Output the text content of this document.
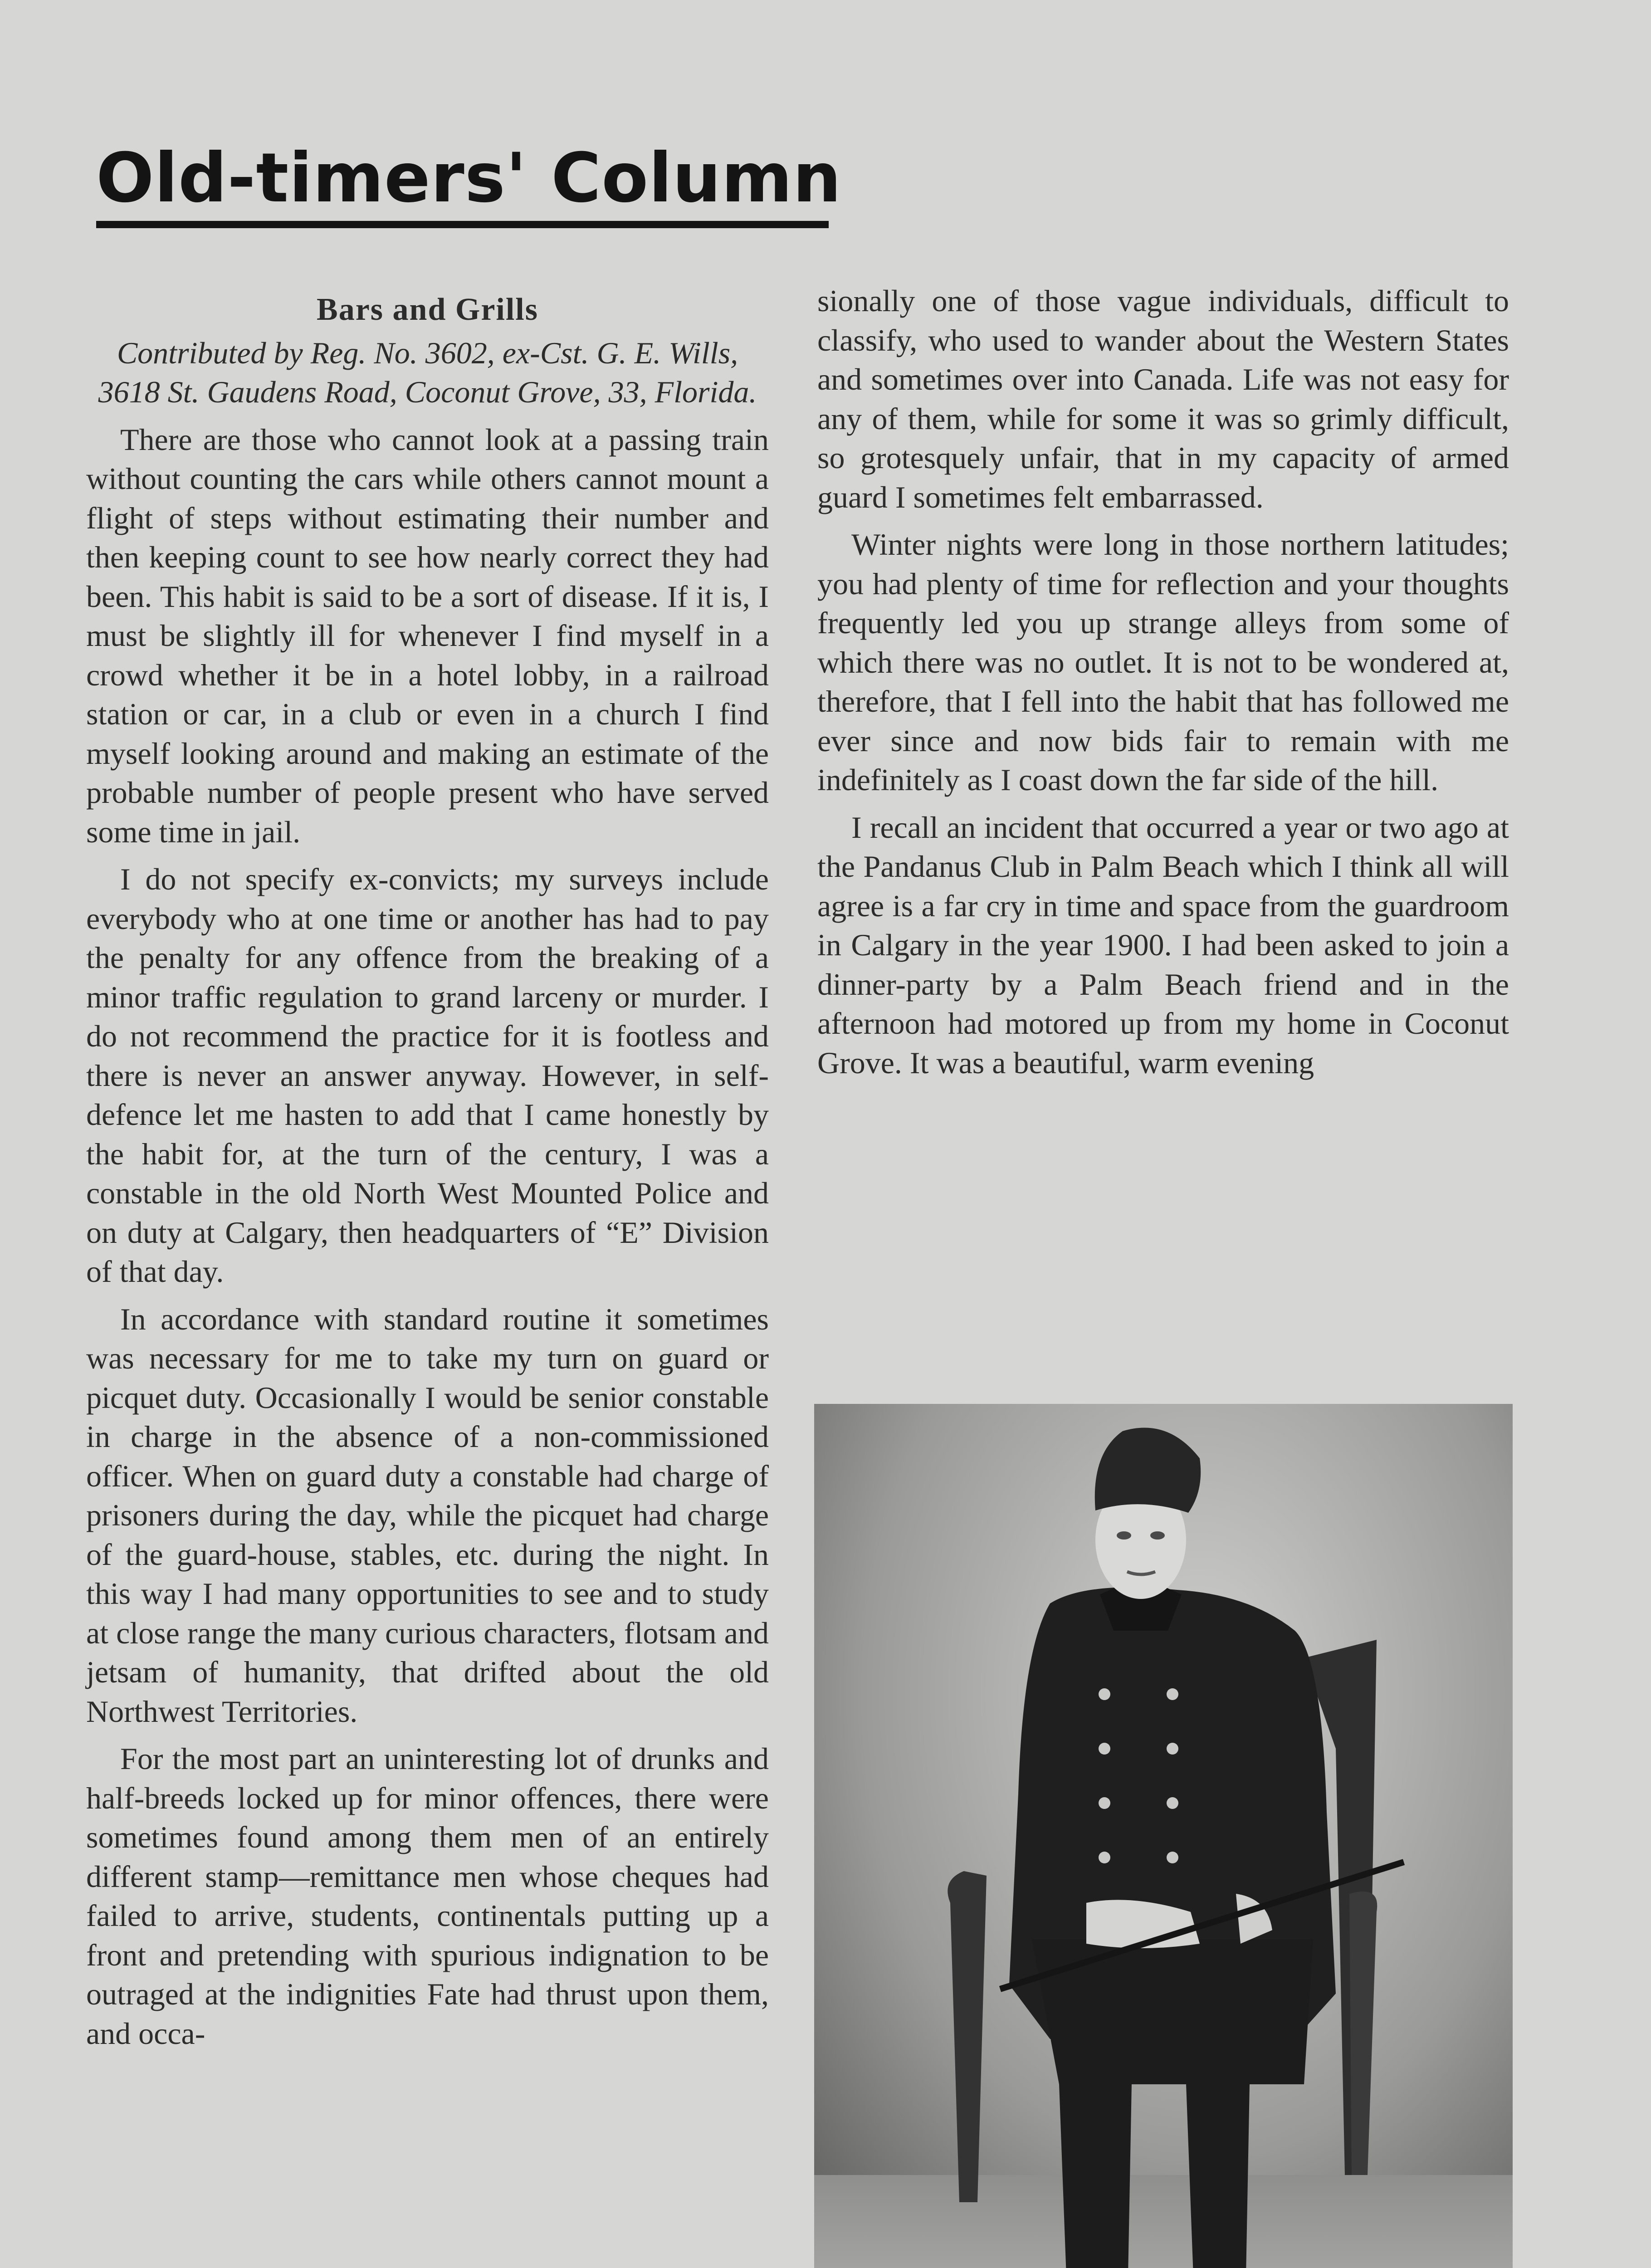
Old-timers' Column
Bars and Grills

Contributed by Reg. No. 3602, ex-Cst. G. E. Wills, 3618 St. Gaudens Road, Coconut Grove, 33, Florida.

There are those who cannot look at a passing train without counting the cars while others cannot mount a flight of steps without estimating their number and then keeping count to see how nearly correct they had been. This habit is said to be a sort of disease. If it is, I must be slightly ill for whenever I find myself in a crowd whether it be in a hotel lobby, in a railroad station or car, in a club or even in a church I find myself looking around and making an estimate of the probable number of people present who have served some time in jail.

I do not specify ex-convicts; my surveys include everybody who at one time or another has had to pay the penalty for any offence from the breaking of a minor traffic regulation to grand larceny or murder. I do not recommend the practice for it is footless and there is never an answer anyway. However, in self-defence let me hasten to add that I came honestly by the habit for, at the turn of the century, I was a constable in the old North West Mounted Police and on duty at Calgary, then headquarters of “E” Division of that day.

In accordance with standard routine it sometimes was necessary for me to take my turn on guard or picquet duty. Occasionally I would be senior constable in charge in the absence of a non-commissioned officer. When on guard duty a constable had charge of prisoners during the day, while the picquet had charge of the guard-house, stables, etc. during the night. In this way I had many opportunities to see and to study at close range the many curious characters, flotsam and jetsam of humanity, that drifted about the old Northwest Territories.

For the most part an uninteresting lot of drunks and half-breeds locked up for minor offences, there were sometimes found among them men of an entirely different stamp—remittance men whose cheques had failed to arrive, students, continentals putting up a front and pretending with spurious indignation to be outraged at the indignities Fate had thrust upon them, and occa-

sionally one of those vague individuals, difficult to classify, who used to wander about the Western States and sometimes over into Canada. Life was not easy for any of them, while for some it was so grimly difficult, so grotesquely unfair, that in my capacity of armed guard I sometimes felt embarrassed.

Winter nights were long in those northern latitudes; you had plenty of time for reflection and your thoughts frequently led you up strange alleys from some of which there was no outlet. It is not to be wondered at, therefore, that I fell into the habit that has followed me ever since and now bids fair to remain with me indefinitely as I coast down the far side of the hill.

I recall an incident that occurred a year or two ago at the Pandanus Club in Palm Beach which I think all will agree is a far cry in time and space from the guardroom in Calgary in the year 1900. I had been asked to join a dinner-party by a Palm Beach friend and in the afternoon had motored up from my home in Coconut Grove. It was a beautiful, warm evening
